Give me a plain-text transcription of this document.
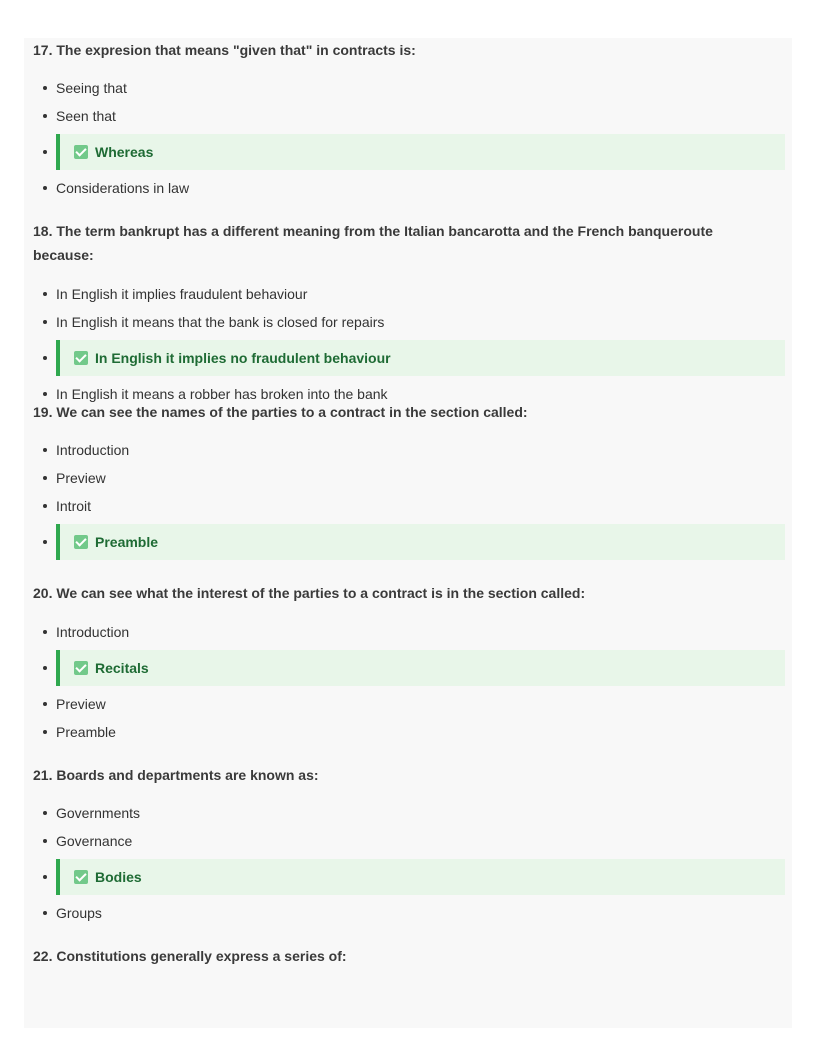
17. The expresion that means "given that" in contracts is:

Seeing that
Seen that
Whereas
Considerations in law

18. The term bankrupt has a different meaning from the Italian bancarotta and the French banqueroute because:

In English it implies fraudulent behaviour
In English it means that the bank is closed for repairs
In English it implies no fraudulent behaviour
In English it means a robber has broken into the bank

19. We can see the names of the parties to a contract in the section called:

Introduction
Preview
Introit
Preamble

20. We can see what the interest of the parties to a contract is in the section called:

Introduction
Recitals
Preview
Preamble

21. Boards and departments are known as:

Governments
Governance
Bodies
Groups

22. Constitutions generally express a series of:
